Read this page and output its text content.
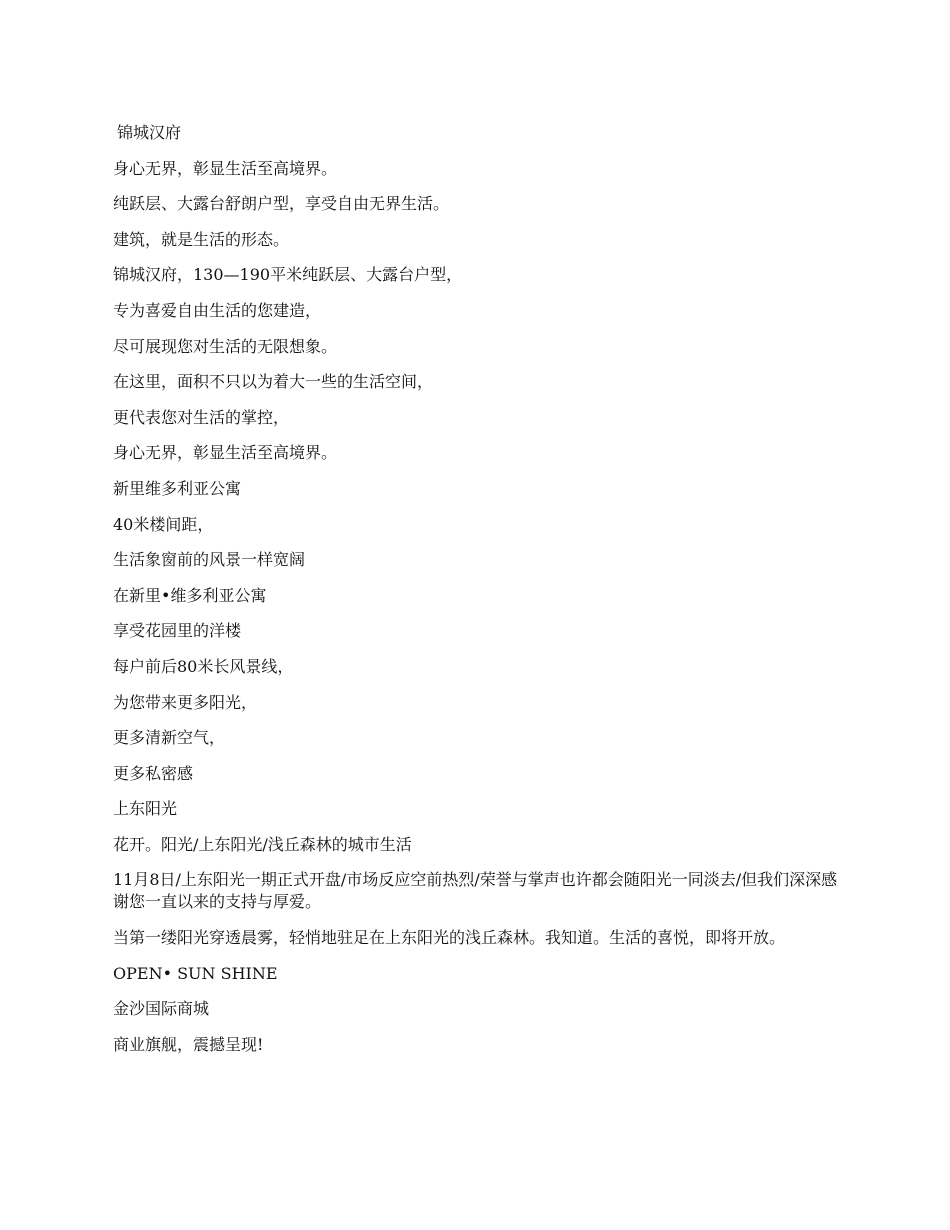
锦城汉府
身心无界，彰显生活至高境界。
纯跃层、大露台舒朗户型，享受自由无界生活。
建筑，就是生活的形态。
锦城汉府，130—190平米纯跃层、大露台户型，
专为喜爱自由生活的您建造，
尽可展现您对生活的无限想象。
在这里，面积不只以为着大一些的生活空间，
更代表您对生活的掌控，
身心无界，彰显生活至高境界。
新里维多利亚公寓
40米楼间距，
生活象窗前的风景一样宽阔
在新里•维多利亚公寓
享受花园里的洋楼
每户前后80米长风景线，
为您带来更多阳光，
更多清新空气，
更多私密感
上东阳光
花开。阳光/上东阳光/浅丘森林的城市生活
11月8日/上东阳光一期正式开盘/市场反应空前热烈/荣誉与掌声也许都会随阳光一同淡去/但我们深深感谢您一直以来的支持与厚爱。
当第一缕阳光穿透晨雾，轻悄地驻足在上东阳光的浅丘森林。我知道。生活的喜悦，即将开放。
OPEN• SUN SHINE
金沙国际商城
商业旗舰，震撼呈现!
